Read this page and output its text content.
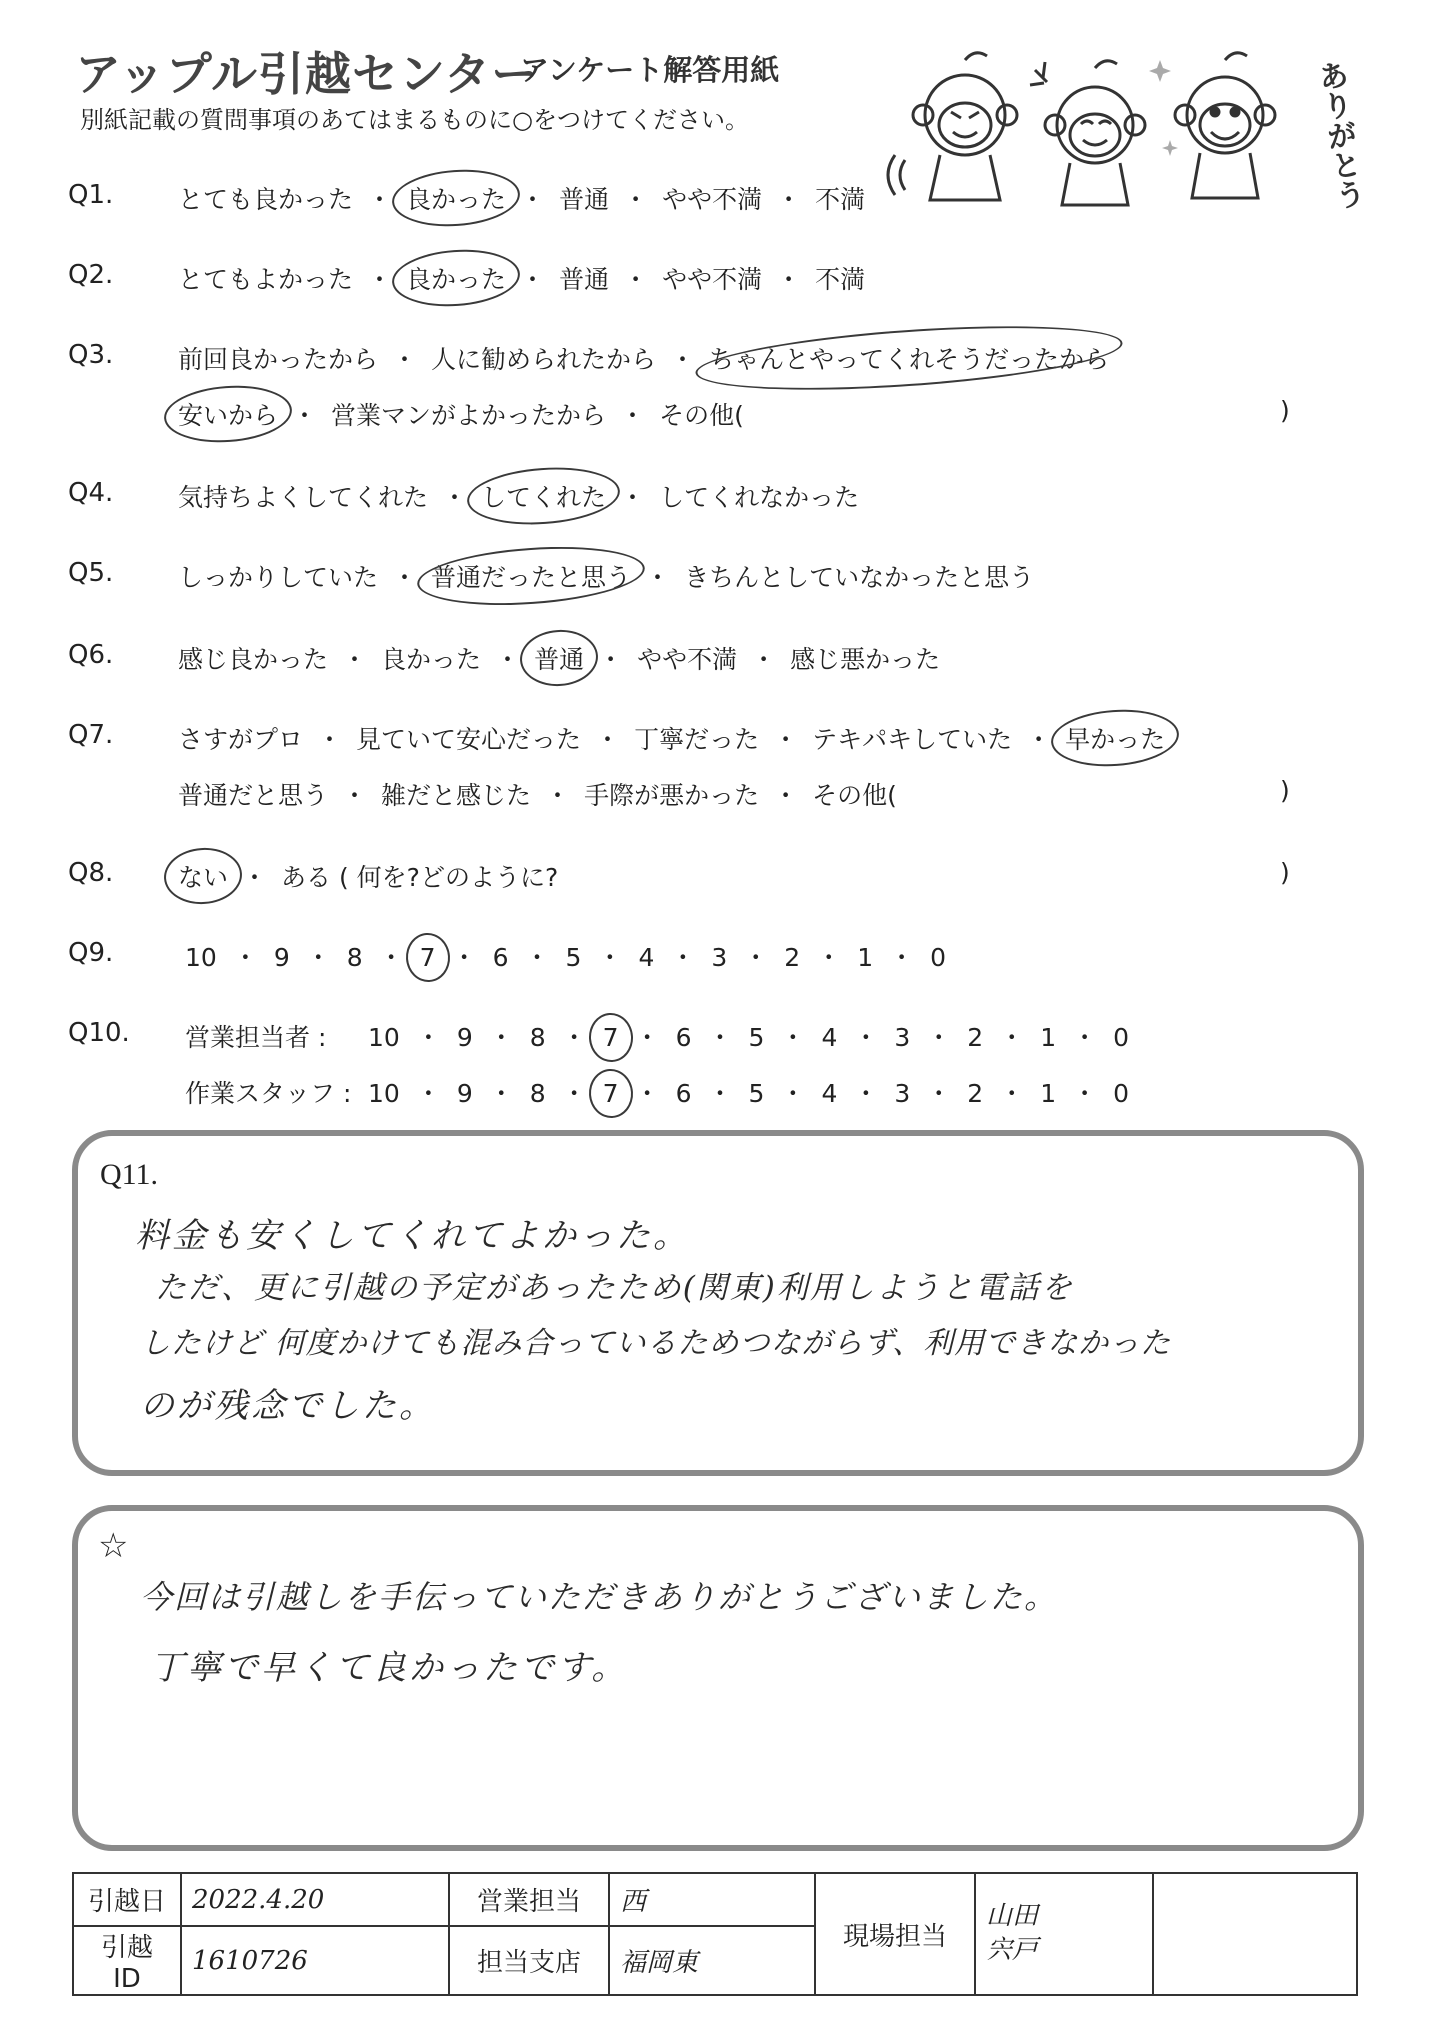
アップル引越センター
アンケート解答用紙
別紙記載の質問事項のあてはまるものに○をつけてください。	ありがとう
Q1.	とても良かった ・ 良かった ・ 普通 ・ やや不満 ・ 不満
Q2.	とてもよかった ・ 良かった ・ 普通 ・ やや不満 ・ 不満
Q3.	前回良かったから ・ 人に勧められたから ・ ちゃんとやってくれそうだったから
安いから ・ 営業マンがよかったから ・ その他(	)
Q4.	気持ちよくしてくれた ・ してくれた ・ してくれなかった
Q5.	しっかりしていた ・ 普通だったと思う ・ きちんとしていなかったと思う
Q6.	感じ良かった ・ 良かった ・ 普通 ・ やや不満 ・ 感じ悪かった
Q7.	さすがプロ ・ 見ていて安心だった ・ 丁寧だった ・ テキパキしていた ・ 早かった
普通だと思う ・ 雑だと感じた ・ 手際が悪かった ・ その他(	)
Q8.	ない ・ ある ( 何を?どのように?	)
Q9.	10 ・ 9 ・ 8 ・ 7 ・ 6 ・ 5 ・ 4 ・ 3 ・ 2 ・ 1 ・ 0
Q10. 営業担当者 : 10 ・ 9 ・ 8 ・ 7 ・ 6 ・ 5 ・ 4 ・ 3 ・ 2 ・ 1 ・ 0
作業スタッフ : 10 ・ 9 ・ 8 ・ 7 ・ 6 ・ 5 ・ 4 ・ 3 ・ 2 ・ 1 ・ 0
Q11.
料金も安くしてくれてよかった。
ただ、更に引越の予定があったため(関東)利用しようと電話を
したけど 何度かけても混み合っているためつながらず、利用できなかった
のが残念でした。
☆
今回は引越しを手伝っていただきありがとうございました。
丁寧で早くて良かったです。
引越日	2022.4.20	営業担当	西	現場担当	山田
宍戸	

引越 ID	1610726	担当支店	福岡東			
